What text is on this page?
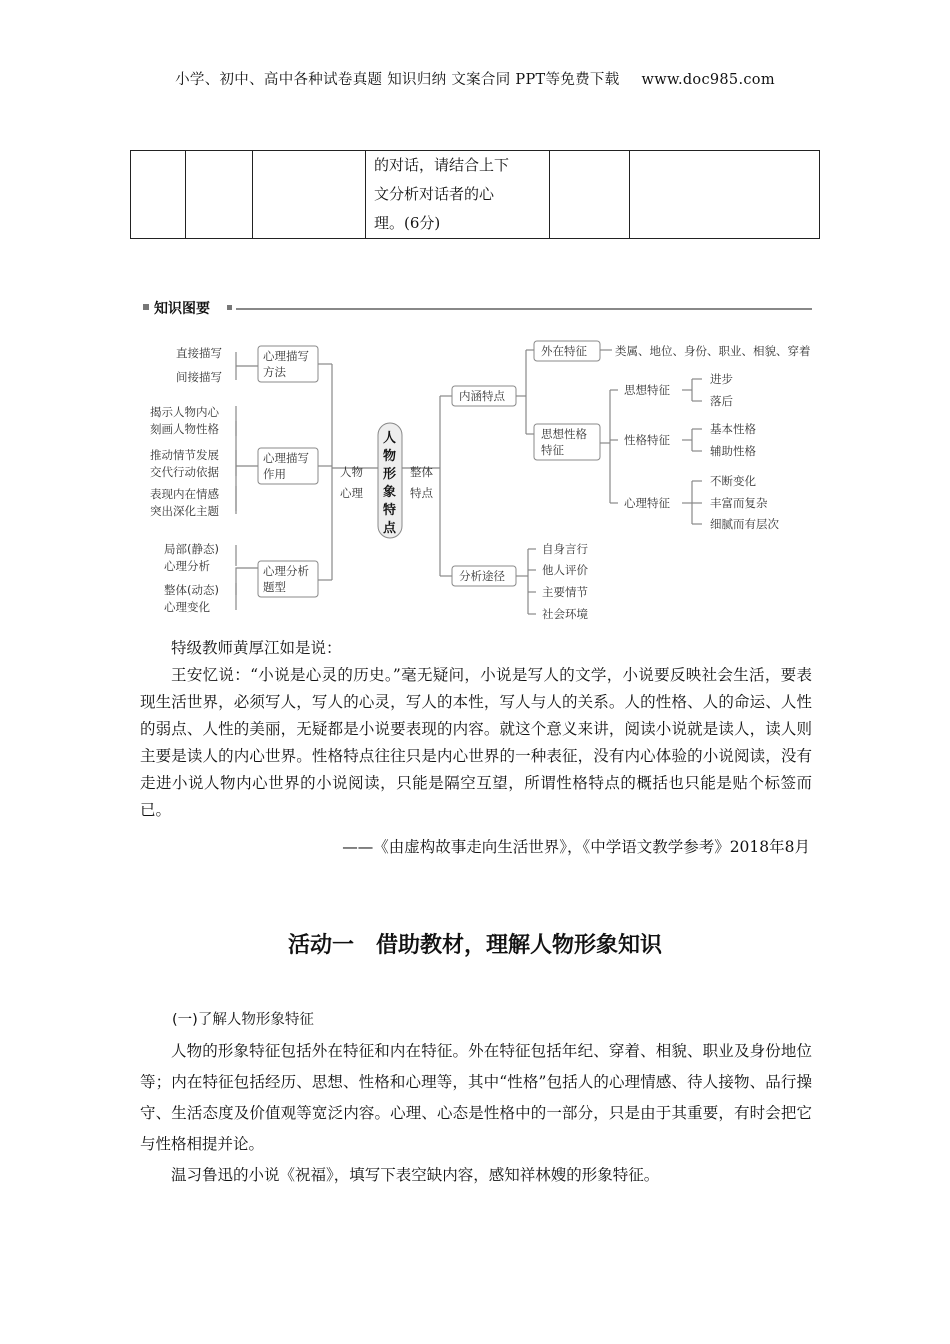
小学、初中、高中各种试卷真题 知识归纳 文案合同 PPT等免费下载 www.doc985.com

的对话，请结合上下
文分析对话者的心
理。(6分)

知识图要
直接描写
间接描写
揭示人物内心
刻画人物性格
推动情节发展
交代行动依据
表现内在情感
突出深化主题
局部(静态)
心理分析
整体(动态)
心理变化
心理描写
方法
心理描写
作用
心理分析
题型
人物
心理
人
物
形
象
特
点
整体
特点
内涵特点
外在特征 类属、地位、身份、职业、相貌、穿着
思想性格
特征
思想特征
性格特征
心理特征
进步
落后
基本性格
辅助性格
不断变化
丰富而复杂
细腻而有层次
分析途径
自身言行
他人评价
主要情节
社会环境

特级教师黄厚江如是说：

王安忆说：“小说是心灵的历史。”毫无疑问，小说是写人的文学，小说要反映社会生活，要表现生活世界，必须写人，写人的心灵，写人的本性，写人与人的关系。人的性格、人的命运、人性的弱点、人性的美丽，无疑都是小说要表现的内容。就这个意义来讲，阅读小说就是读人，读人则主要是读人的内心世界。性格特点往往只是内心世界的一种表征，没有内心体验的小说阅读，没有走进小说人物内心世界的小说阅读，只能是隔空互望，所谓性格特点的概括也只能是贴个标签而已。

——《由虚构故事走向生活世界》，《中学语文教学参考》2018年8月
活动一　借助教材，理解人物形象知识
(一)了解人物形象特征

人物的形象特征包括外在特征和内在特征。外在特征包括年纪、穿着、相貌、职业及身份地位等；内在特征包括经历、思想、性格和心理等，其中“性格”包括人的心理情感、待人接物、品行操守、生活态度及价值观等宽泛内容。心理、心态是性格中的一部分，只是由于其重要，有时会把它与性格相提并论。

温习鲁迅的小说《祝福》，填写下表空缺内容，感知祥林嫂的形象特征。
